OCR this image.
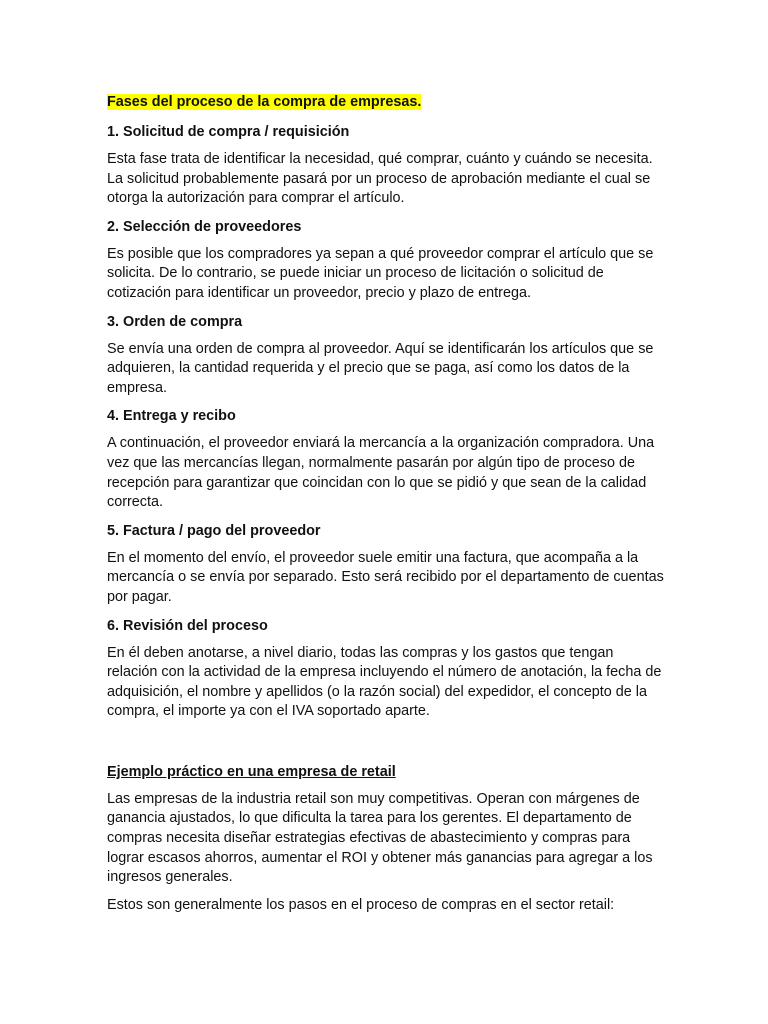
Fases del proceso de la compra de empresas.
1. Solicitud de compra / requisición

Esta fase trata de identificar la necesidad, qué comprar, cuánto y cuándo se necesita. La solicitud probablemente pasará por un proceso de aprobación mediante el cual se otorga la autorización para comprar el artículo.

2. Selección de proveedores

Es posible que los compradores ya sepan a qué proveedor comprar el artículo que se solicita. De lo contrario, se puede iniciar un proceso de licitación o solicitud de cotización para identificar un proveedor, precio y plazo de entrega.

3. Orden de compra

Se envía una orden de compra al proveedor. Aquí se identificarán los artículos que se adquieren, la cantidad requerida y el precio que se paga, así como los datos de la empresa.

4. Entrega y recibo

A continuación, el proveedor enviará la mercancía a la organización compradora. Una vez que las mercancías llegan, normalmente pasarán por algún tipo de proceso de recepción para garantizar que coincidan con lo que se pidió y que sean de la calidad correcta.

5. Factura / pago del proveedor

En el momento del envío, el proveedor suele emitir una factura, que acompaña a la mercancía o se envía por separado. Esto será recibido por el departamento de cuentas por pagar.

6. Revisión del proceso

En él deben anotarse, a nivel diario, todas las compras y los gastos que tengan relación con la actividad de la empresa incluyendo el número de anotación, la fecha de adquisición, el nombre y apellidos (o la razón social) del expedidor, el concepto de la compra, el importe ya con el IVA soportado aparte.

Ejemplo práctico en una empresa de retail

Las empresas de la industria retail son muy competitivas. Operan con márgenes de ganancia ajustados, lo que dificulta la tarea para los gerentes. El departamento de compras necesita diseñar estrategias efectivas de abastecimiento y compras para lograr escasos ahorros, aumentar el ROI y obtener más ganancias para agregar a los ingresos generales.

Estos son generalmente los pasos en el proceso de compras en el sector retail:
